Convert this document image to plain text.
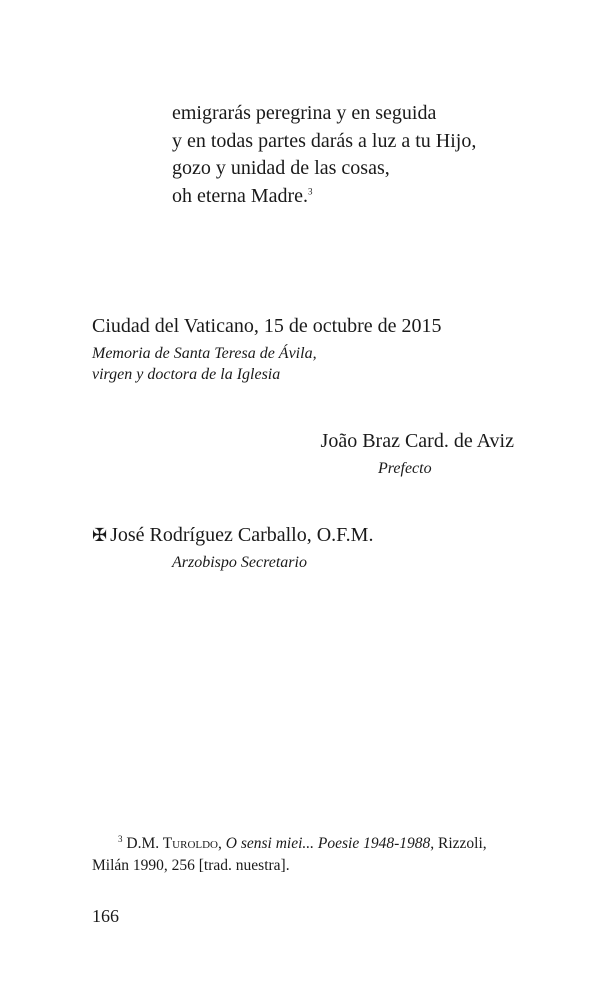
emigrarás peregrina y en seguida
y en todas partes darás a luz a tu Hijo,
gozo y unidad de las cosas,
oh eterna Madre.$^3$
Ciudad del Vaticano, 15 de octubre de 2015
Memoria de Santa Teresa de Ávila,
virgen y doctora de la Iglesia
João Braz Card. de Aviz
Prefecto
✠ José Rodríguez Carballo, O.F.M.
Arzobispo Secretario
$^3$ D.M. Turoldo, O sensi miei... Poesie 1948-1988, Rizzoli, Milán 1990, 256 [trad. nuestra].
166
